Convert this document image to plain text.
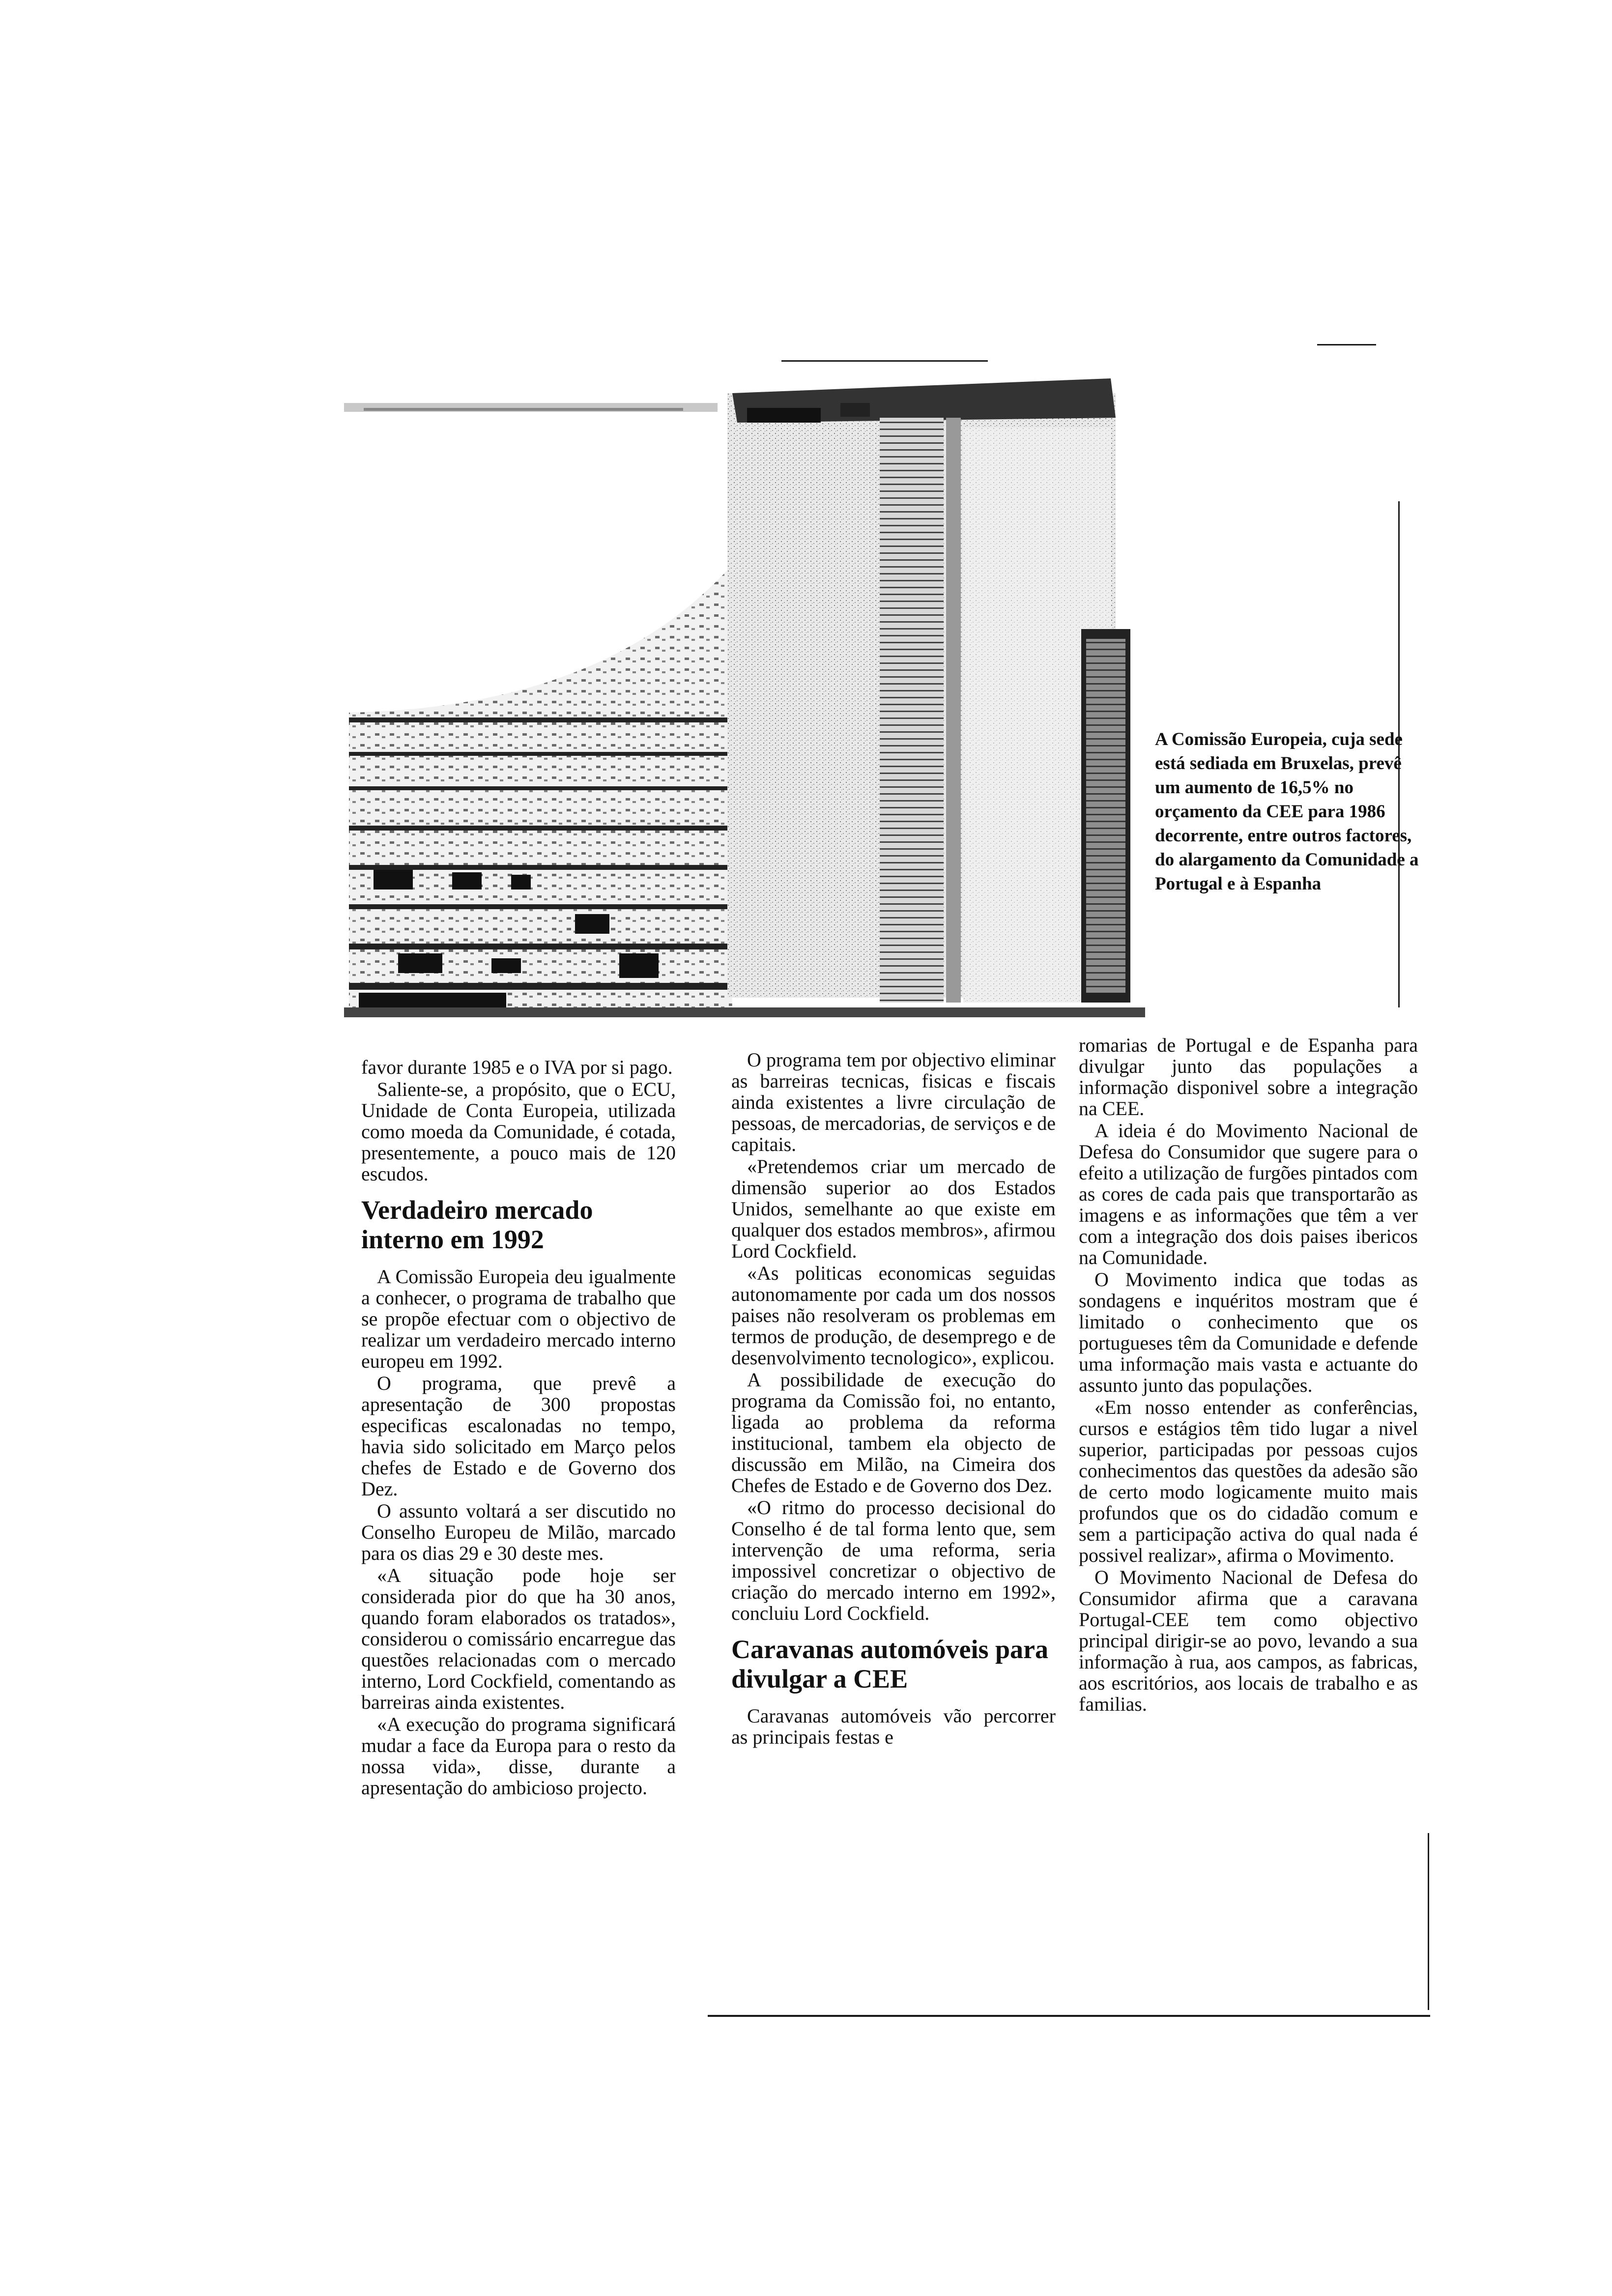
A Comissão Europeia, cuja sede está sediada em Bruxelas, prevê um aumento de 16,5% no orçamento da CEE para 1986 decorrente, entre outros factores, do alargamento da Comunidade a Portugal e à Espanha

favor durante 1985 e o IVA por si pago.

Saliente-se, a propósito, que o ECU, Unidade de Conta Europeia, utilizada como moeda da Comunidade, é cotada, presentemente, a pouco mais de 120 escudos.

Verdadeiro mercado interno em 1992

A Comissão Europeia deu igualmente a conhecer, o programa de trabalho que se propõe efectuar com o objectivo de realizar um verdadeiro mercado interno europeu em 1992.

O programa, que prevê a apresentação de 300 propostas especificas escalonadas no tempo, havia sido solicitado em Março pelos chefes de Estado e de Governo dos Dez.

O assunto voltará a ser discutido no Conselho Europeu de Milão, marcado para os dias 29 e 30 deste mes.

«A situação pode hoje ser considerada pior do que ha 30 anos, quando foram elaborados os tratados», considerou o comissário encarregue das questões relacionadas com o mercado interno, Lord Cockfield, comentando as barreiras ainda existentes.

«A execução do programa significará mudar a face da Europa para o resto da nossa vida», disse, durante a apresentação do ambicioso projecto.

O programa tem por objectivo eliminar as barreiras tecnicas, fisicas e fiscais ainda existentes a livre circulação de pessoas, de mercadorias, de serviços e de capitais.

«Pretendemos criar um mercado de dimensão superior ao dos Estados Unidos, semelhante ao que existe em qualquer dos estados membros», afirmou Lord Cockfield.

«As politicas economicas seguidas autonomamente por cada um dos nossos paises não resolveram os problemas em termos de produção, de desemprego e de desenvolvimento tecnologico», explicou.

A possibilidade de execução do programa da Comissão foi, no entanto, ligada ao problema da reforma institucional, tambem ela objecto de discussão em Milão, na Cimeira dos Chefes de Estado e de Governo dos Dez.

«O ritmo do processo decisional do Conselho é de tal forma lento que, sem intervenção de uma reforma, seria impossivel concretizar o objectivo de criação do mercado interno em 1992», concluiu Lord Cockfield.

Caravanas automóveis para divulgar a CEE

Caravanas automóveis vão percorrer as principais festas e

romarias de Portugal e de Espanha para divulgar junto das populações a informação disponivel sobre a integração na CEE.

A ideia é do Movimento Nacional de Defesa do Consumidor que sugere para o efeito a utilização de furgões pintados com as cores de cada pais que transportarão as imagens e as informações que têm a ver com a integração dos dois paises ibericos na Comunidade.

O Movimento indica que todas as sondagens e inquéritos mostram que é limitado o conhecimento que os portugueses têm da Comunidade e defende uma informação mais vasta e actuante do assunto junto das populações.

«Em nosso entender as conferências, cursos e estágios têm tido lugar a nivel superior, participadas por pessoas cujos conhecimentos das questões da adesão são de certo modo logicamente muito mais profundos que os do cidadão comum e sem a participação activa do qual nada é possivel realizar», afirma o Movimento.

O Movimento Nacional de Defesa do Consumidor afirma que a caravana Portugal-CEE tem como objectivo principal dirigir-se ao povo, levando a sua informação à rua, aos campos, as fabricas, aos escritórios, aos locais de trabalho e as familias.
